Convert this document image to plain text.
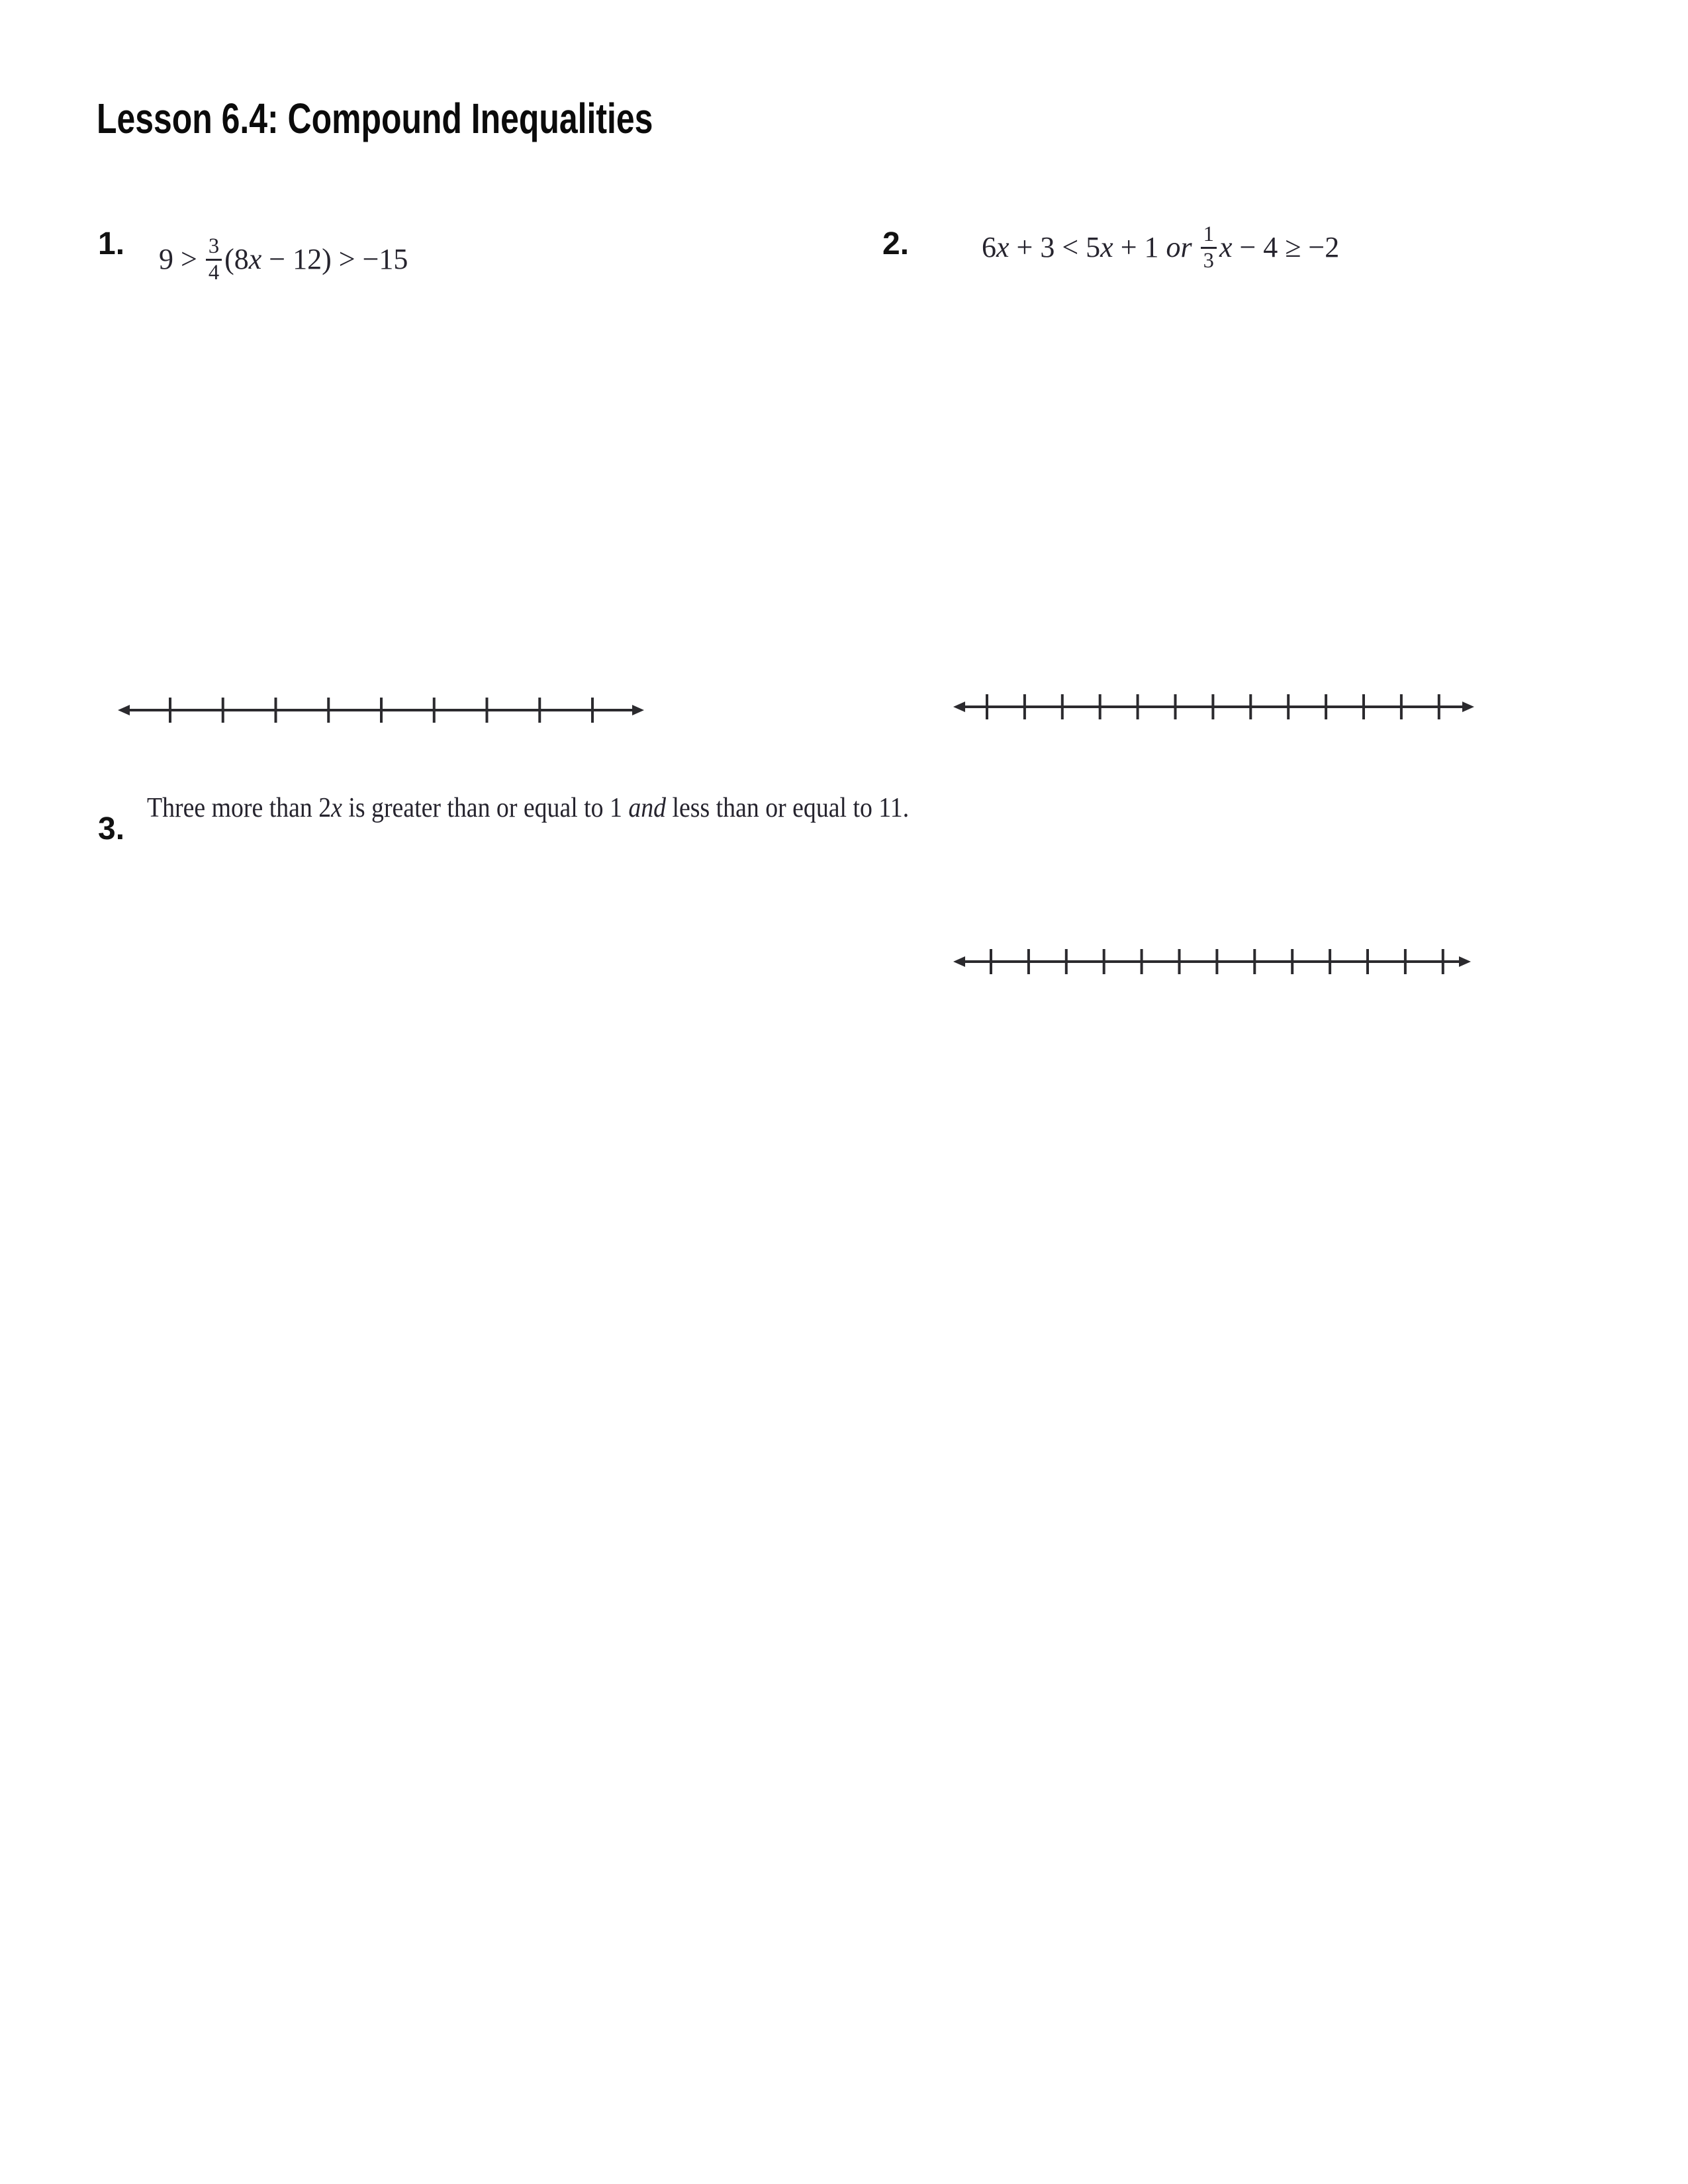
Lesson 6.4: Compound Inequalities
1. $9 > \frac{3}{4} (8$ x − 12) > −15	2. 6 x + 3 < 5 x + 1 or $\frac{1}{3}$ x − 4 ≥ −2
3.
Three more than 2x is greater than or equal to 1 and less than or equal to 11.
